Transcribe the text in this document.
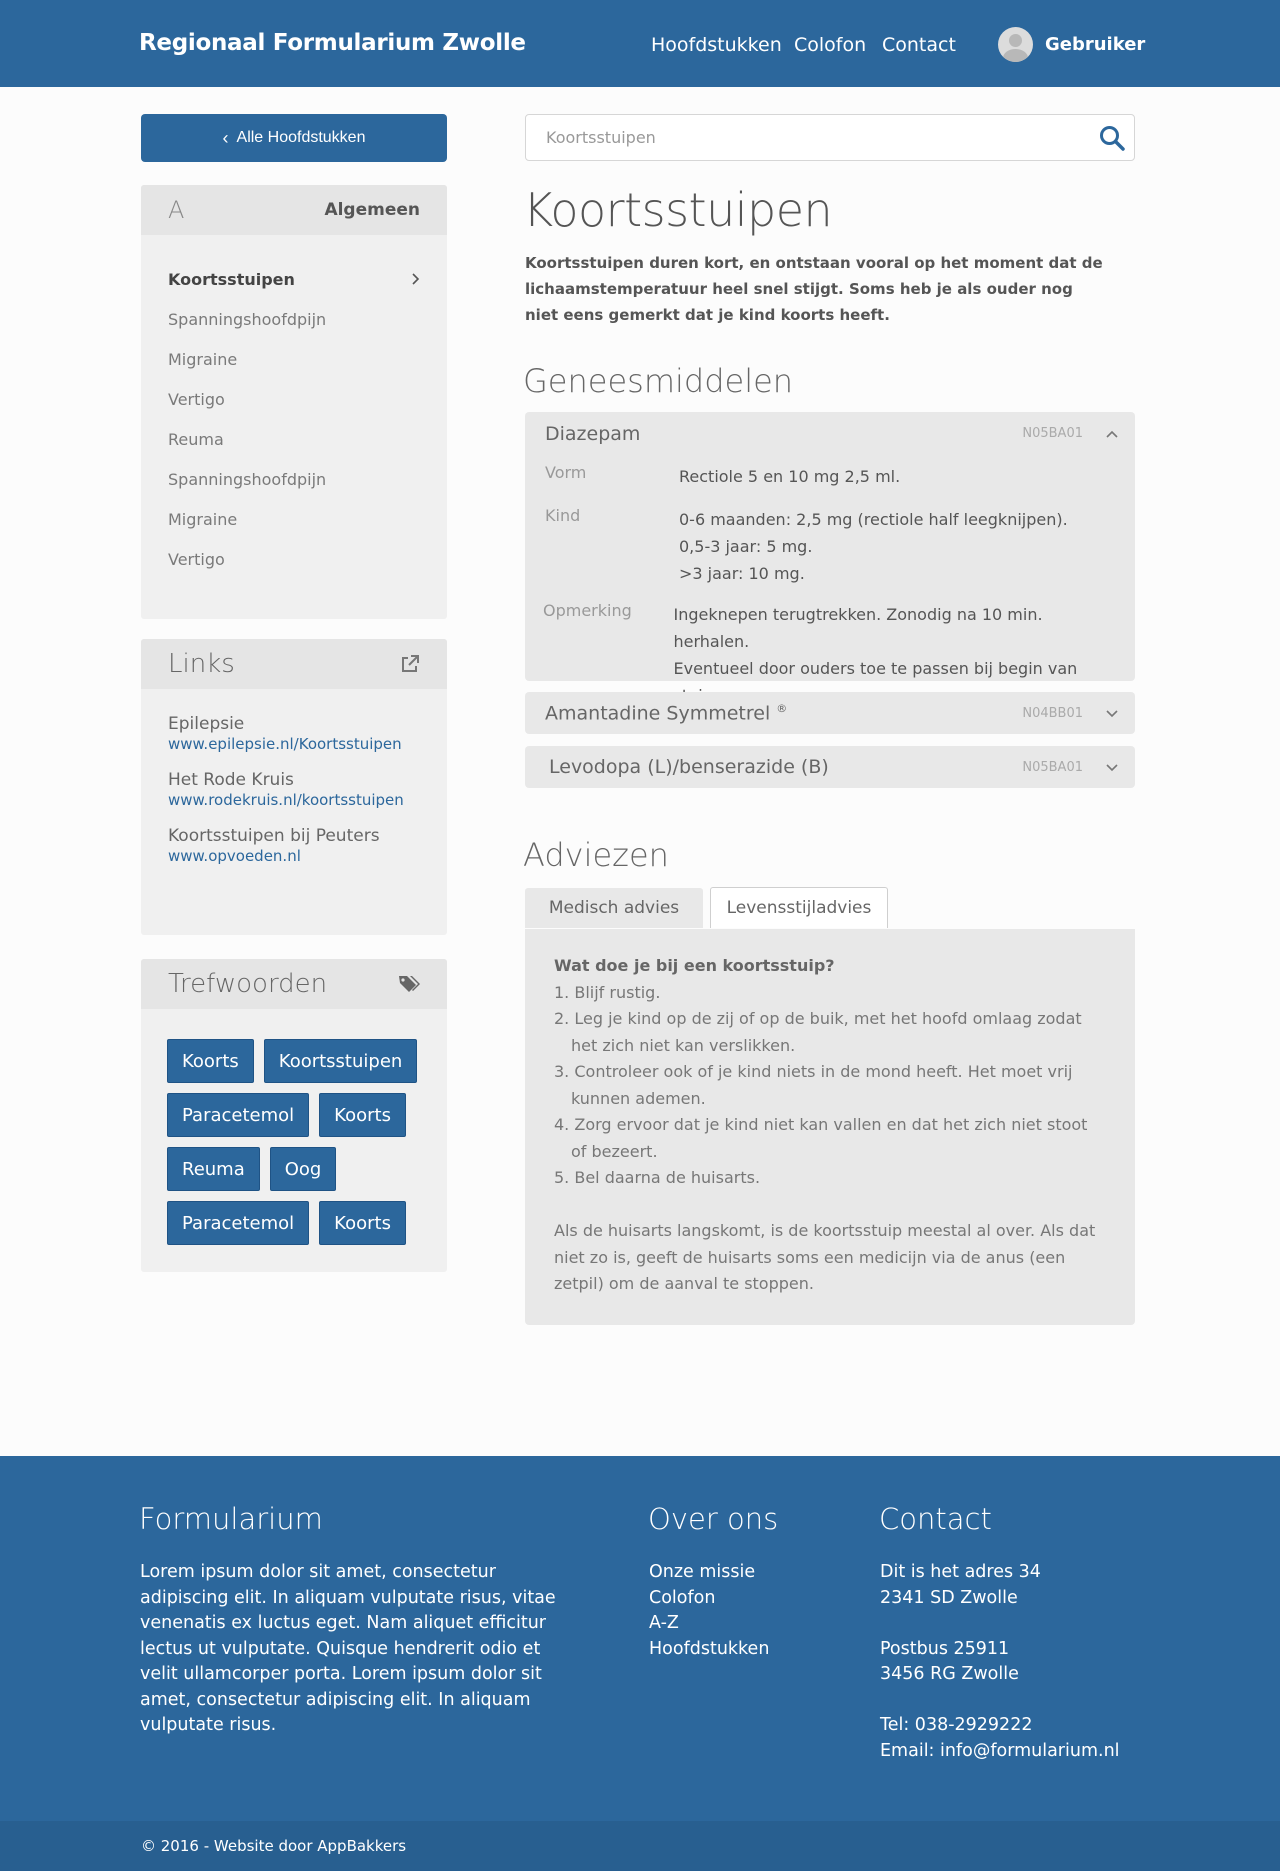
Regionaal Formularium Zwolle	Hoofdstukken Colofon Contact	Gebruiker
‹ Alle Hoofdstukken
A	Algemeen
Koortsstuipen
Spanningshoofdpijn
Migraine
Vertigo
Reuma
Spanningshoofdpijn
Migraine
Vertigo
Links
Epilepsie
www.epilepsie.nl/Koortsstuipen
Het Rode Kruis
www.rodekruis.nl/koortsstuipen
Koortsstuipen bij Peuters
www.opvoeden.nl
Trefwoorden
Koorts	Koortsstuipen
Paracetemol	Koorts
Reuma	Oog
Paracetemol	Koorts
Koortsstuipen
Koortsstuipen

Koortsstuipen duren kort, en ontstaan vooral op het moment dat de lichaamstemperatuur heel snel stijgt. Soms heb je als ouder nog niet eens gemerkt dat je kind koorts heeft.

Geneesmiddelen
Diazepam	N05BA01
Vorm	Rectiole 5 en 10 mg 2,5 ml.
Kind	0-6 maanden: 2,5 mg (rectiole half leegknijpen).
0,5-3 jaar: 5 mg.
>3 jaar: 10 mg.
Opmerking	Ingeknepen terugtrekken. Zonodig na 10 min. herhalen.
Eventueel door ouders toe te passen bij begin van
Amantadine Symmetrel ®	N04BB01
Levodopa (L)/benserazide (B)	N05BA01
Adviezen
Medisch advies	Levensstijladvies
Wat doe je bij een koortsstuip?
1. Blijf rustig.
2. Leg je kind op de zij of op de buik, met het hoofd omlaag zodat het zich niet kan verslikken.
3. Controleer ook of je kind niets in de mond heeft. Het moet vrij kunnen ademen.
4. Zorg ervoor dat je kind niet kan vallen en dat het zich niet stoot of bezeert.
5. Bel daarna de huisarts.

Als de huisarts langskomt, is de koortsstuip meestal al over. Als dat niet zo is, geeft de huisarts soms een medicijn via de anus (een zetpil) om de aanval te stoppen.

Formularium

Lorem ipsum dolor sit amet, consectetur adipiscing elit. In aliquam vulputate risus, vitae venenatis ex luctus eget. Nam aliquet efficitur lectus ut vulputate. Quisque hendrerit odio et velit ullamcorper porta. Lorem ipsum dolor sit amet, consectetur adipiscing elit. In aliquam vulputate risus.

Over ons
Onze missie
Colofon
A-Z
Hoofdstukken
Contact
Dit is het adres 34
2341 SD Zwolle
Postbus 25911
3456 RG Zwolle
Tel: 038-2929222
Email: info@formularium.nl
© 2016 - Website door AppBakkers
